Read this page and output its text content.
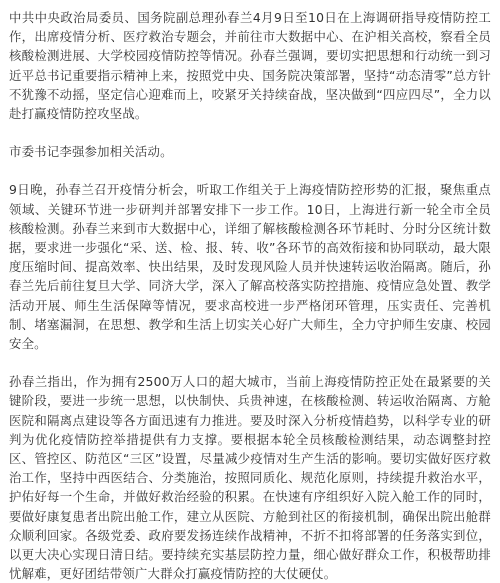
中共中央政治局委员、国务院副总理孙春兰4月9日至10日在上海调研指导疫情防控工作，出席疫情分析、医疗救治专题会，并前往市大数据中心、在沪相关高校，察看全员核酸检测进展、大学校园疫情防控等情况。孙春兰强调，要切实把思想和行动统一到习近平总书记重要指示精神上来，按照党中央、国务院决策部署，坚持“动态清零”总方针不犹豫不动摇，坚定信心迎难而上，咬紧牙关持续奋战，坚决做到“四应四尽”，全力以赴打赢疫情防控攻坚战。

市委书记李强参加相关活动。

9日晚，孙春兰召开疫情分析会，听取工作组关于上海疫情防控形势的汇报，聚焦重点领域、关键环节进一步研判并部署安排下一步工作。10日，上海进行新一轮全市全员核酸检测。孙春兰来到市大数据中心，详细了解核酸检测各环节耗时、分时分区统计数据，要求进一步强化“采、送、检、报、转、收”各环节的高效衔接和协同联动，最大限度压缩时间、提高效率、快出结果，及时发现风险人员并快速转运收治隔离。随后，孙春兰先后前往复旦大学、同济大学，深入了解高校落实防控措施、疫情应急处置、教学活动开展、师生生活保障等情况，要求高校进一步严格闭环管理，压实责任、完善机制、堵塞漏洞，在思想、教学和生活上切实关心好广大师生，全力守护师生安康、校园安全。

孙春兰指出，作为拥有2500万人口的超大城市，当前上海疫情防控正处在最紧要的关键阶段，要进一步统一思想，以快制快、兵贵神速，在核酸检测、转运收治隔离、方舱医院和隔离点建设等各方面迅速有力推进。要及时深入分析疫情趋势，以科学专业的研判为优化疫情防控举措提供有力支撑。要根据本轮全员核酸检测结果，动态调整封控区、管控区、防范区“三区”设置，尽量减少疫情对生产生活的影响。要切实做好医疗救治工作，坚持中西医结合、分类施治，按照同质化、规范化原则，持续提升救治水平，护佑好每一个生命，并做好救治经验的积累。在快速有序组织好入院入舱工作的同时，要做好康复患者出院出舱工作，建立从医院、方舱到社区的衔接机制，确保出院出舱群众顺利回家。各级党委、政府要发扬连续作战精神，不折不扣将部署的任务落实到位，以更大决心实现日清日结。要持续充实基层防控力量，细心做好群众工作，积极帮助排忧解难，更好团结带领广大群众打赢疫情防控的大仗硬仗。
